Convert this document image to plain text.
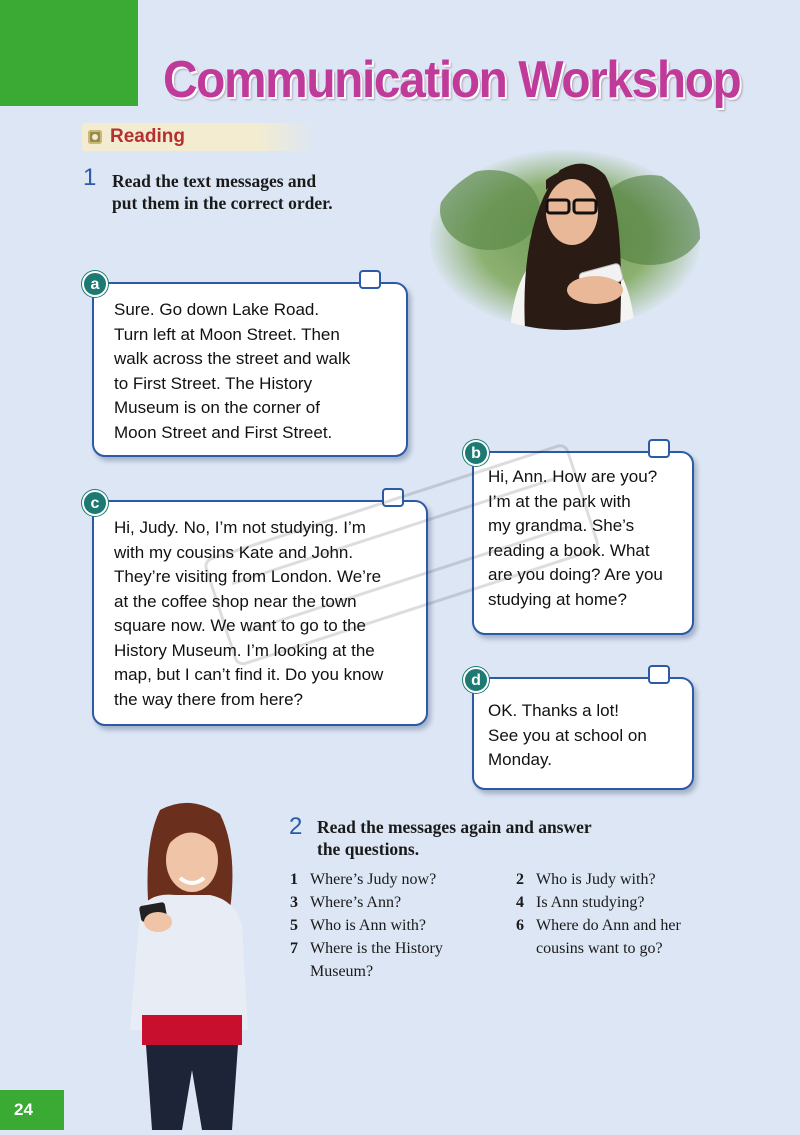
Communication Workshop
Reading
1 Read the text messages and
put them in the correct order.

Sure. Go down Lake Road.
Turn left at Moon Street. Then
walk across the street and walk
to First Street. The History
Museum is on the corner of
Moon Street and First Street.

a

Hi, Ann. How are you?
I’m at the park with
my grandma. She’s
reading a book. What
are you doing? Are you
studying at home?

b

Hi, Judy. No, I’m not studying. I’m
with my cousins Kate and John.
They’re visiting from London. We’re
at the coffee shop near the town
square now. We want to go to the
History Museum. I’m looking at the
map, but I can’t find it. Do you know
the way there from here?

c

OK. Thanks a lot!
See you at school on
Monday.

d
2 Read the messages again and answer
the questions.

1 Where’s Judy now?	2 Who is Judy with?
3 Where’s Ann?	4 Is Ann studying?
5 Who is Ann with?	6 Where do Ann and her
cousins want to go?
7 Where is the History
Museum?
24
